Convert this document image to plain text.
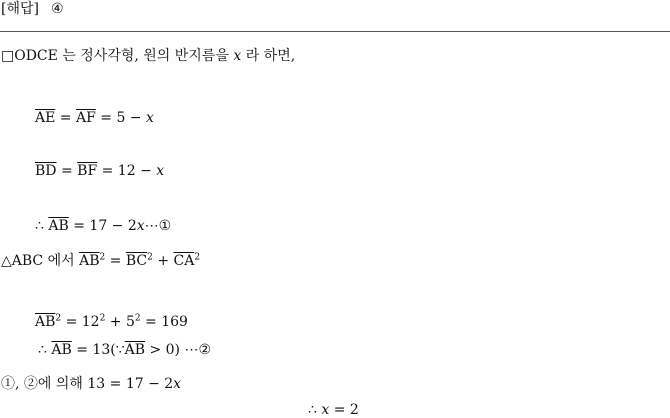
[해답] ④
□ODCE 는 정사각형, 원의 반지름을 x 라 하면,
$\overline{AE} = \overline{AF} = 5 - x$
$\overline{BD} = \overline{BF} = 12 - x$
∴ $\overline{AB} = 17$ − 2x⋯①
△ABC 에서 $\overline{AB}^2 = \overline{BC}^2 + \overline{CA}^2$
$\overline{AB}^2 = 12^2 + 5^2 = 169$
∴ $\overline{AB}$ = $13(\because\overline{AB} > 0)$ ⋯②
①, ②에 의해 13 = 17 − 2x
∴ x = 2
